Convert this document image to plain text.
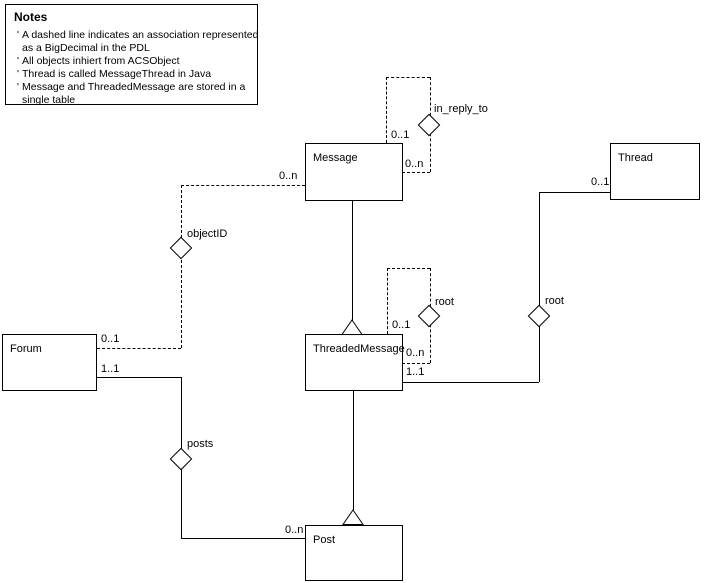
Notes
' A dashed line indicates an association represented
as a BigDecimal in the PDL
' All objects inhiert from ACSObject
' Thread is called MessageThread in Java
' Message and ThreadedMessage are stored in a
single table
Message	Thread
Forum	ThreadedMessage
Post
in_reply_to
objectID
root	root
posts
0..1
0..n
0..n
0..1
0..1
0..n
0..1
1..1
1..1
0..n
